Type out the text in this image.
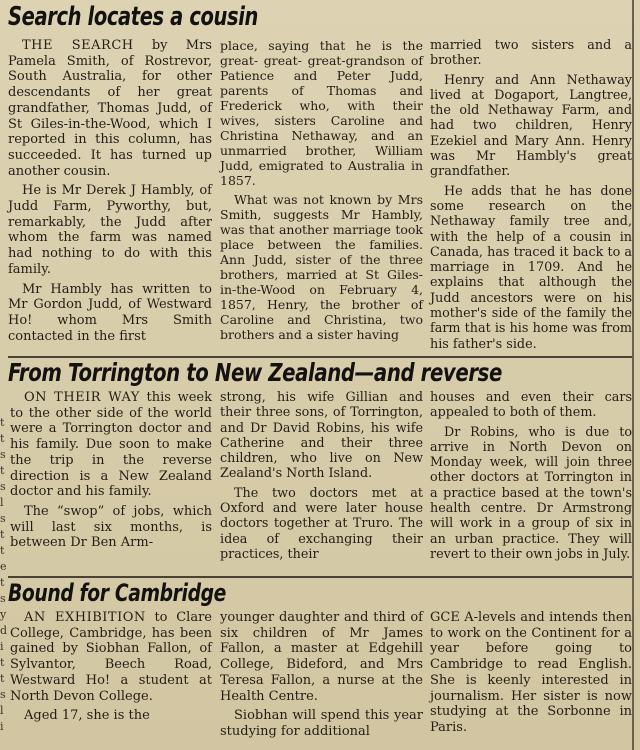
t
t
s
t
s
l
s
t
t
e
t
s
y
d
i
t
t
s
l
i
Search locates a cousin

THE SEARCH by Mrs Pamela Smith, of Rostrevor, South Australia, for other descendants of her great grandfather, Thomas Judd, of St Giles-in-the-Wood, which I reported in this column, has succeeded. It has turned up another cousin.

He is Mr Derek J Hambly, of Judd Farm, Pyworthy, but, remarkably, the Judd after whom the farm was named had nothing to do with this family.

Mr Hambly has written to Mr Gordon Judd, of Westward Ho! whom Mrs Smith contacted in the first

place, saying that he is the great- great- great-grandson of Patience and Peter Judd, parents of Thomas and Frederick who, with their wives, sisters Caroline and Christina Nethaway, and an unmarried brother, William Judd, emigrated to Australia in 1857.

What was not known by Mrs Smith, suggests Mr Hambly, was that another marriage took place between the families. Ann Judd, sister of the three brothers, married at St Giles-in-the-Wood on February 4, 1857, Henry, the brother of Caroline and Christina, two brothers and a sister having

married two sisters and a brother.

Henry and Ann Nethaway lived at Dogaport, Langtree, the old Nethaway Farm, and had two children, Henry Ezekiel and Mary Ann. Henry was Mr Hambly's great grandfather.

He adds that he has done some research on the Nethaway family tree and, with the help of a cousin in Canada, has traced it back to a marriage in 1709. And he explains that although the Judd ancestors were on his mother's side of the family the farm that is his home was from his father's side.

From Torrington to New Zealand—and reverse

ON THEIR WAY this week to the other side of the world were a Torrington doctor and his family. Due soon to make the trip in the reverse direction is a New Zealand doctor and his family.

The “swop” of jobs, which will last six months, is between Dr Ben Arm-

strong, his wife Gillian and their three sons, of Torrington, and Dr David Robins, his wife Catherine and their three children, who live on New Zealand's North Island.

The two doctors met at Oxford and were later house doctors together at Truro. The idea of exchanging their practices, their

houses and even their cars appealed to both of them.

Dr Robins, who is due to arrive in North Devon on Monday week, will join three other doctors at Torrington in a practice based at the town's health centre. Dr Armstrong will work in a group of six in an urban practice. They will revert to their own jobs in July.

Bound for Cambridge

AN EXHIBITION to Clare College, Cambridge, has been gained by Siobhan Fallon, of Sylvantor, Beech Road, Westward Ho! a student at North Devon College.

Aged 17, she is the

younger daughter and third of six children of Mr James Fallon, a master at Edgehill College, Bideford, and Mrs Teresa Fallon, a nurse at the Health Centre.

Siobhan will spend this year studying for additional

GCE A-levels and intends then to work on the Continent for a year before going to Cambridge to read English. She is keenly interested in journalism. Her sister is now studying at the Sorbonne in Paris.
